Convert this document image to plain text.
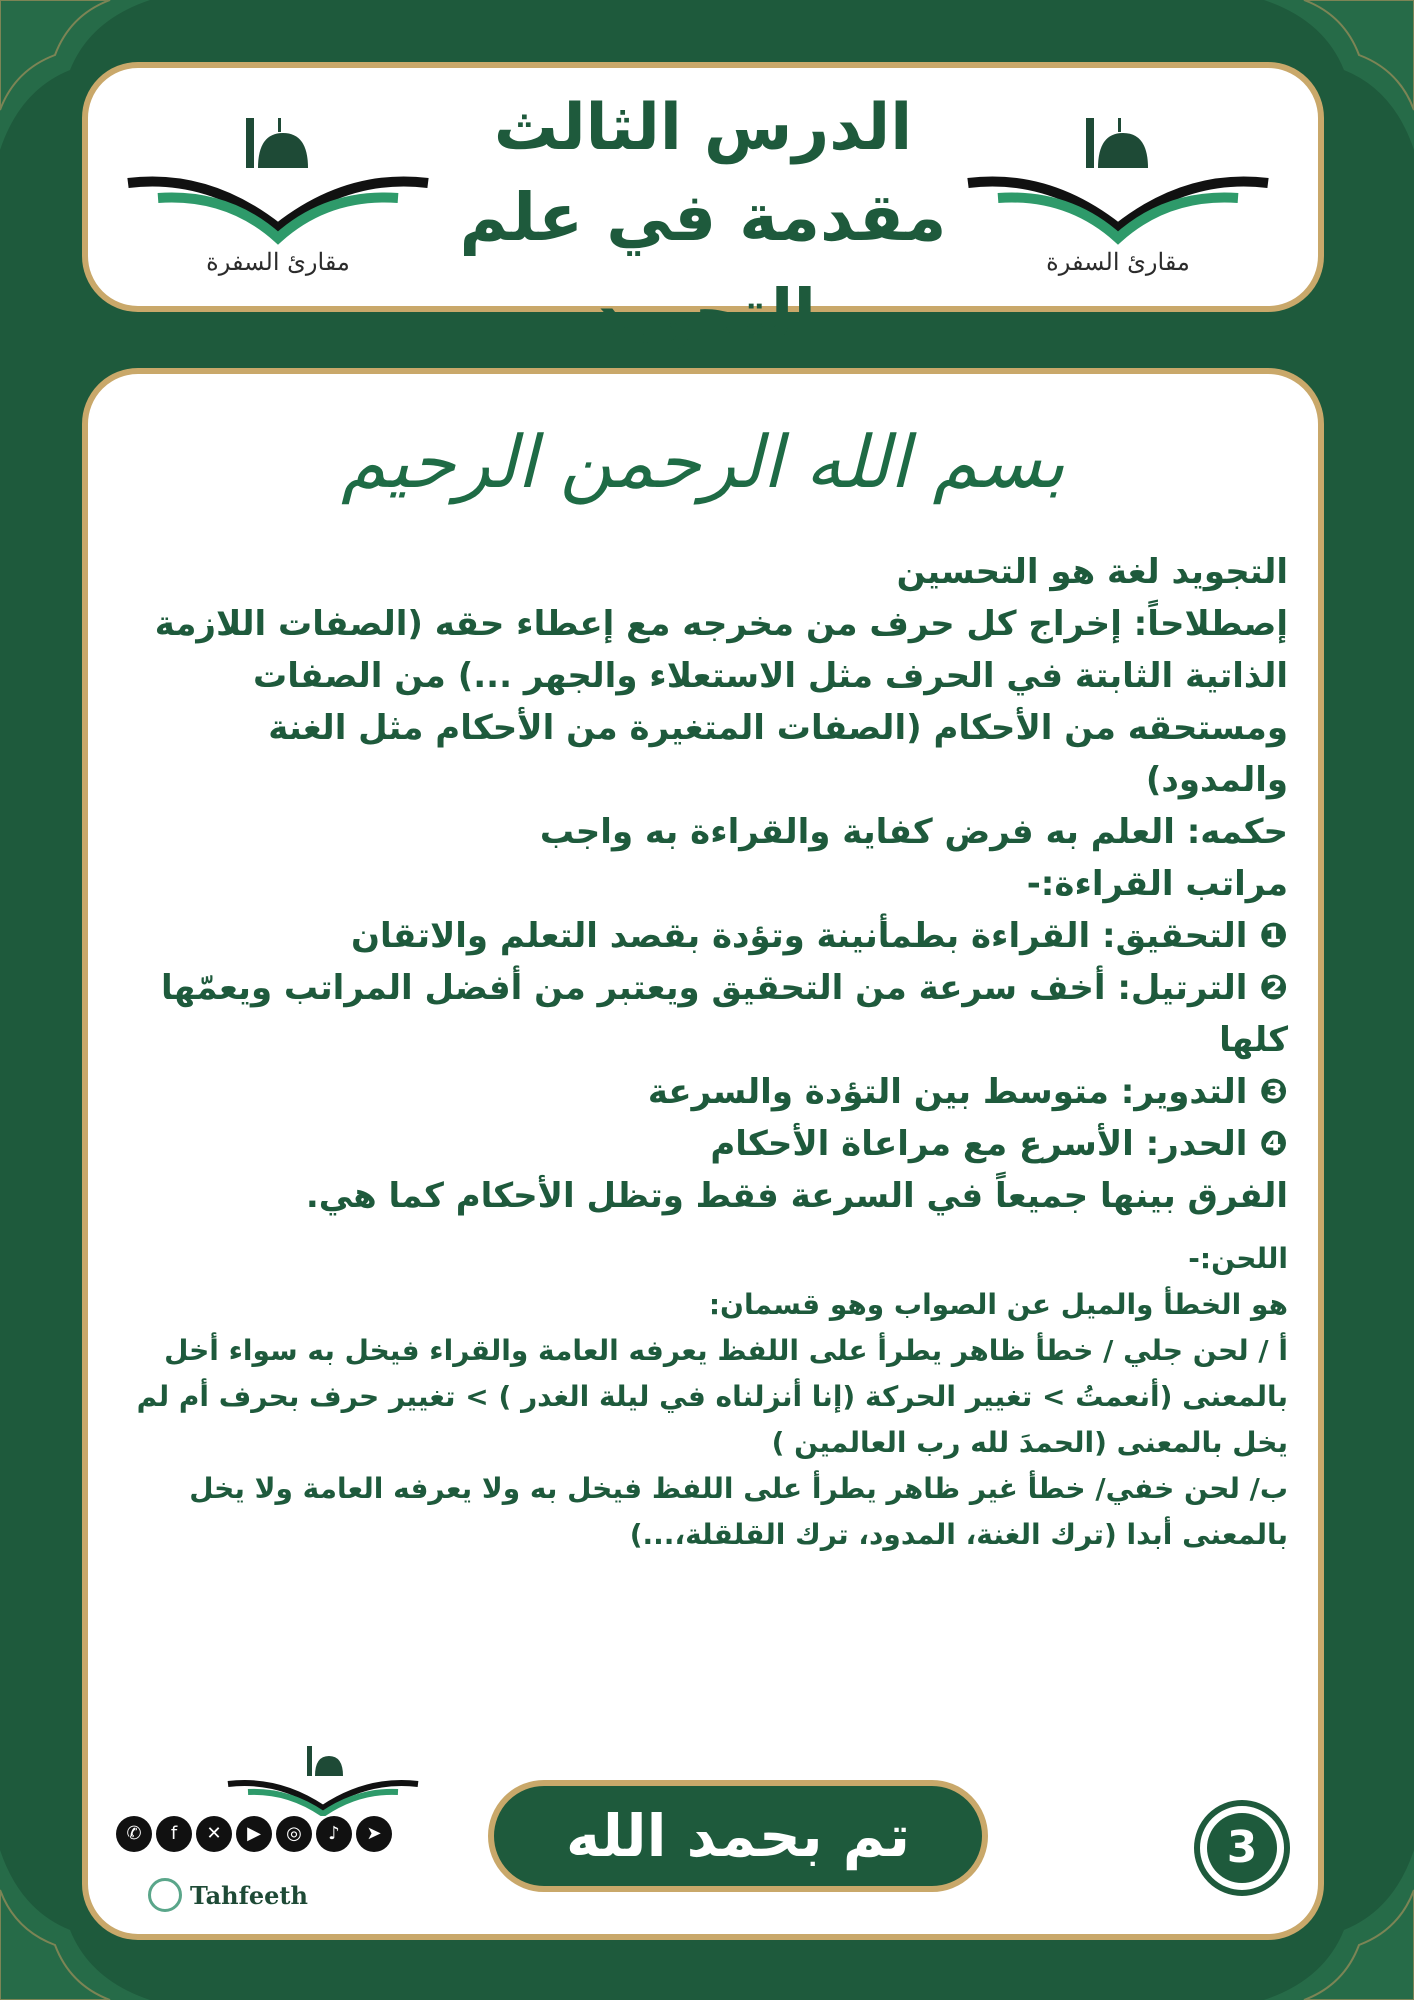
مقارئ السفرة
الدرس الثالث
مقدمة في علم التجويد
مقارئ السفرة
بسم الله الرحمن الرحيم
التجويد لغة هو التحسين
إصطلاحاً: إخراج كل حرف من مخرجه مع إعطاء حقه (الصفات اللازمة الذاتية الثابتة في الحرف مثل الاستعلاء والجهر ...) من الصفات ومستحقه من الأحكام (الصفات المتغيرة من الأحكام مثل الغنة والمدود)
حكمه: العلم به فرض كفاية والقراءة به واجب
مراتب القراءة:-
❶ التحقيق: القراءة بطمأنينة وتؤدة بقصد التعلم والاتقان
❷ الترتيل: أخف سرعة من التحقيق ويعتبر من أفضل المراتب ويعمّها كلها
❸ التدوير: متوسط بين التؤدة والسرعة
❹ الحدر: الأسرع مع مراعاة الأحكام
الفرق بينها جميعاً في السرعة فقط وتظل الأحكام كما هي.
اللحن:-
هو الخطأ والميل عن الصواب وهو قسمان:
أ / لحن جلي / خطأ ظاهر يطرأ على اللفظ يعرفه العامة والقراء فيخل به سواء أخل بالمعنى (أنعمتُ > تغيير الحركة (إنا أنزلناه في ليلة الغدر ) > تغيير حرف بحرف أم لم يخل بالمعنى (الحمدَ لله رب العالمين )
ب/ لحن خفي/ خطأ غير ظاهر يطرأ على اللفظ فيخل به ولا يعرفه العامة ولا يخل بالمعنى أبدا (ترك الغنة، المدود، ترك القلقلة،...)
✆	f	✕	▶	◎	♪	➤
Tahfeeth
تم بحمد الله	3
